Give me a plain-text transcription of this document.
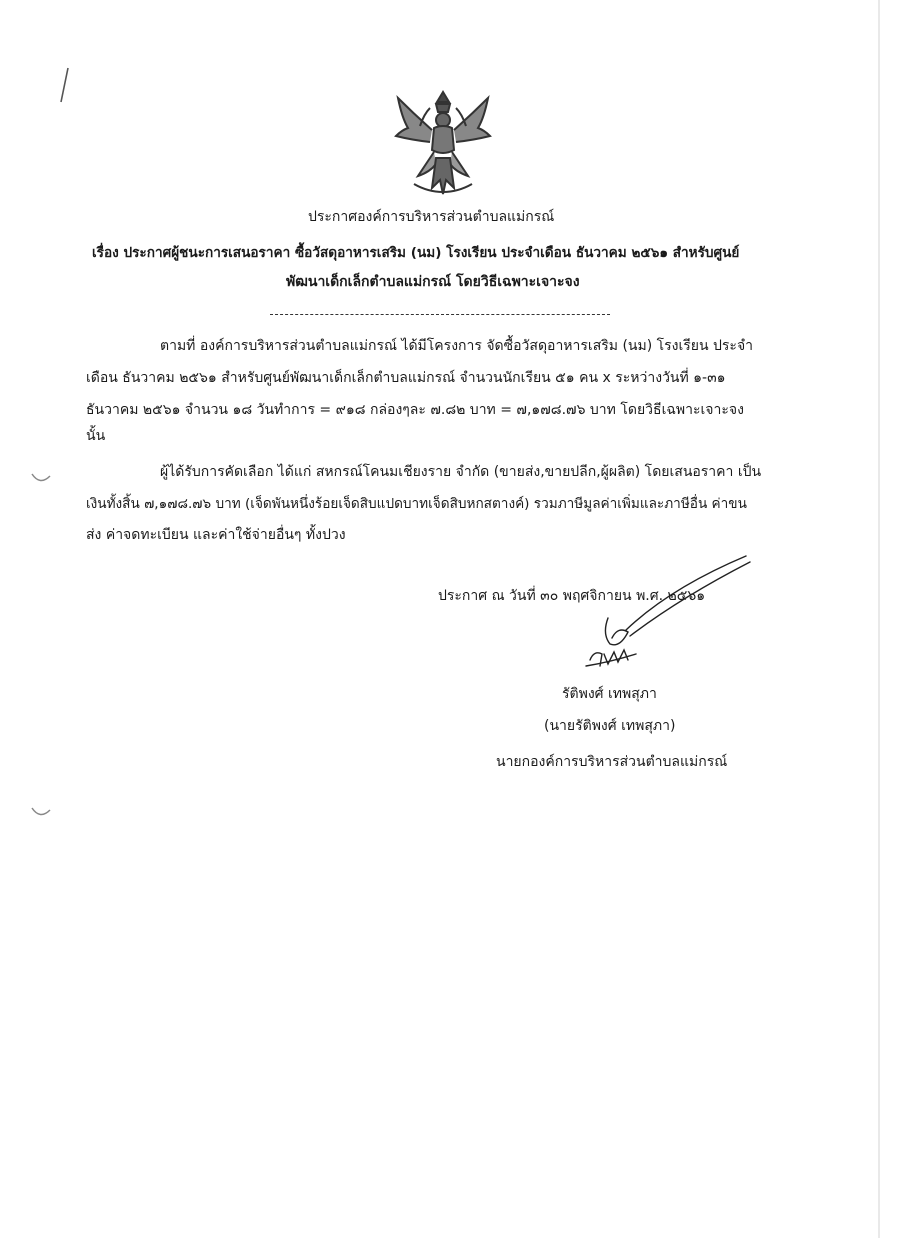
ประกาศองค์การบริหารส่วนตำบลแม่กรณ์
เรื่อง ประกาศผู้ชนะการเสนอราคา ซื้อวัสดุอาหารเสริม (นม) โรงเรียน ประจำเดือน ธันวาคม ๒๕๖๑ สำหรับศูนย์
พัฒนาเด็กเล็กตำบลแม่กรณ์ โดยวิธีเฉพาะเจาะจง
ตามที่ องค์การบริหารส่วนตำบลแม่กรณ์ ได้มีโครงการ จัดซื้อวัสดุอาหารเสริม (นม) โรงเรียน ประจำ
เดือน ธันวาคม ๒๕๖๑ สำหรับศูนย์พัฒนาเด็กเล็กตำบลแม่กรณ์ จำนวนนักเรียน ๕๑ คน x ระหว่างวันที่ ๑-๓๑
ธันวาคม ๒๕๖๑ จำนวน ๑๘ วันทำการ = ๙๑๘ กล่องๆละ ๗.๘๒ บาท = ๗,๑๗๘.๗๖ บาท โดยวิธีเฉพาะเจาะจง
นั้น
ผู้ได้รับการคัดเลือก ได้แก่ สหกรณ์โคนมเชียงราย จำกัด (ขายส่ง,ขายปลีก,ผู้ผลิต) โดยเสนอราคา เป็น
เงินทั้งสิ้น ๗,๑๗๘.๗๖ บาท (เจ็ดพันหนึ่งร้อยเจ็ดสิบแปดบาทเจ็ดสิบหกสตางค์) รวมภาษีมูลค่าเพิ่มและภาษีอื่น ค่าขน
ส่ง ค่าจดทะเบียน และค่าใช้จ่ายอื่นๆ ทั้งปวง
ประกาศ ณ วันที่ ๓๐ พฤศจิกายน พ.ศ. ๒๕๖๑
รัติพงศ์ เทพสุภา
(นายรัติพงศ์ เทพสุภา)
นายกองค์การบริหารส่วนตำบลแม่กรณ์
